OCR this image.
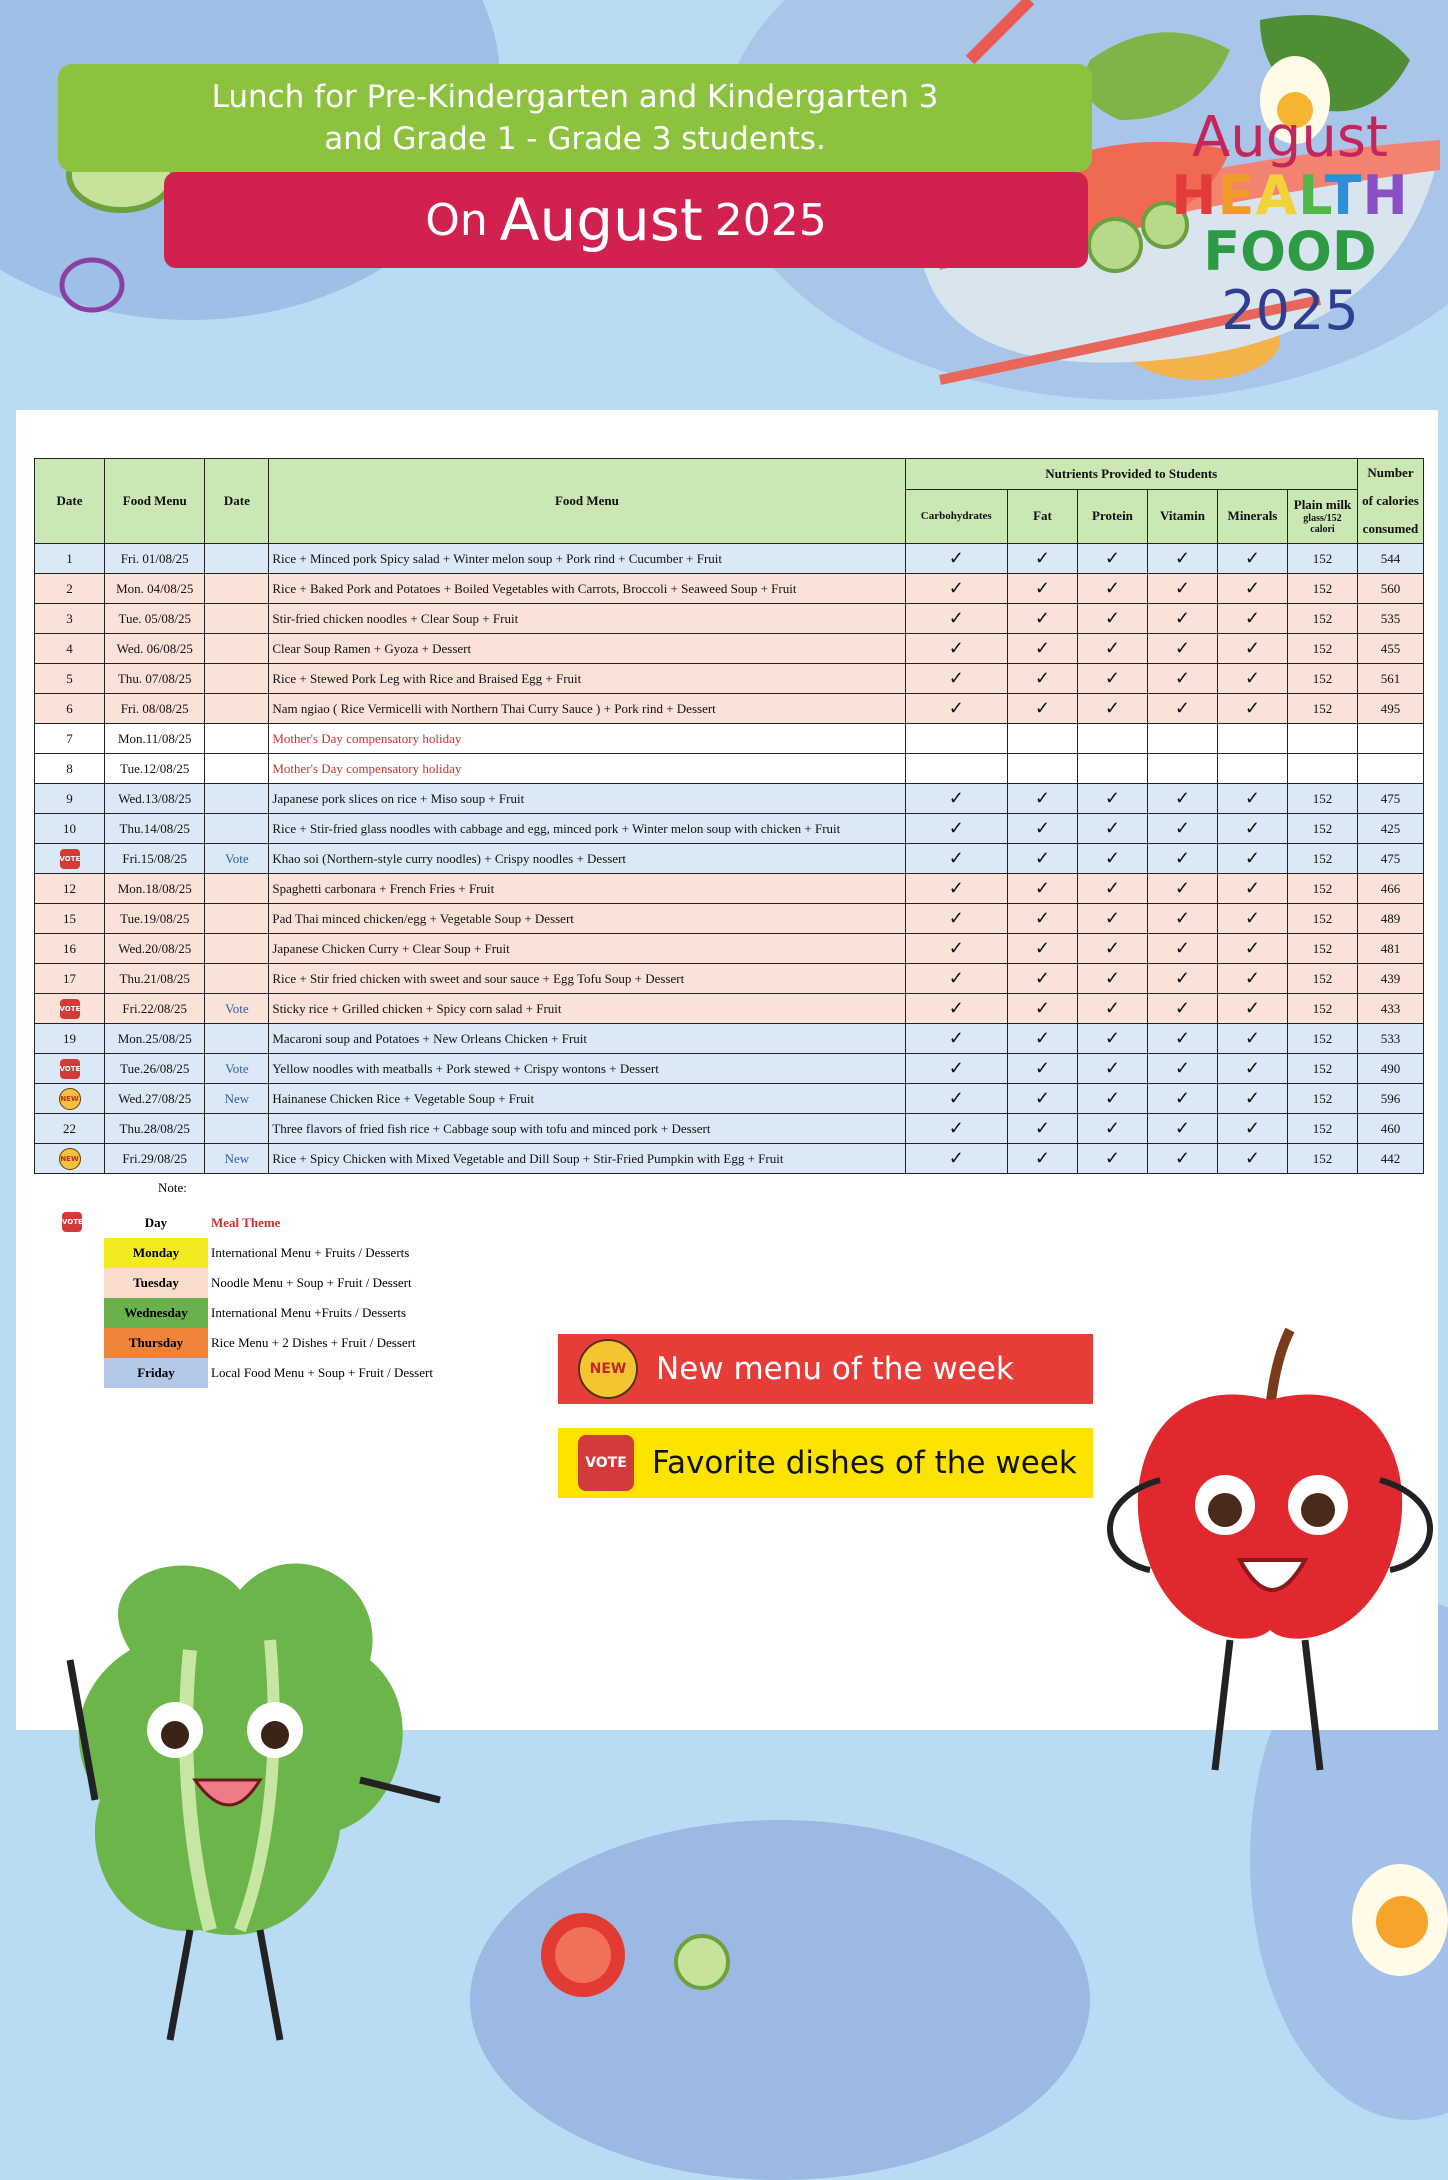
Lunch for Pre-Kindergarten and Kindergarten 3
and Grade 1 - Grade 3 students.
On August 2025
August
HEALTH
FOOD
2025
Date	Food Menu	Date	Food Menu	Nutrients Provided to Students						Number
of calories
consumed

				Carbohydrates	Fat	Protein	Vitamin	Minerals	Plain milk
glass/152 calori	

1	Fri. 01/08/25		Rice + Minced pork Spicy salad + Winter melon soup + Pork rind + Cucumber + Fruit	✓	✓	✓	✓	✓	152	544
2	Mon. 04/08/25		Rice + Baked Pork and Potatoes + Boiled Vegetables with Carrots, Broccoli + Seaweed Soup + Fruit	✓	✓	✓	✓	✓	152	560
3	Tue. 05/08/25		Stir-fried chicken noodles + Clear Soup + Fruit	✓	✓	✓	✓	✓	152	535
4	Wed. 06/08/25		Clear Soup Ramen + Gyoza + Dessert	✓	✓	✓	✓	✓	152	455
5	Thu. 07/08/25		Rice + Stewed Pork Leg with Rice and Braised Egg + Fruit	✓	✓	✓	✓	✓	152	561
6	Fri. 08/08/25		Nam ngiao ( Rice Vermicelli with Northern Thai Curry Sauce ) + Pork rind + Dessert	✓	✓	✓	✓	✓	152	495
7	Mon.11/08/25		Mother's Day compensatory holiday							
8	Tue.12/08/25		Mother's Day compensatory holiday							
9	Wed.13/08/25		Japanese pork slices on rice + Miso soup + Fruit	✓	✓	✓	✓	✓	152	475
10	Thu.14/08/25		Rice + Stir-fried glass noodles with cabbage and egg, minced pork + Winter melon soup with chicken + Fruit	✓	✓	✓	✓	✓	152	425
VOTE	Fri.15/08/25	Vote	Khao soi (Northern-style curry noodles) + Crispy noodles + Dessert	✓	✓	✓	✓	✓	152	475
12	Mon.18/08/25		Spaghetti carbonara + French Fries + Fruit	✓	✓	✓	✓	✓	152	466
15	Tue.19/08/25		Pad Thai minced chicken/egg + Vegetable Soup + Dessert	✓	✓	✓	✓	✓	152	489
16	Wed.20/08/25		Japanese Chicken Curry + Clear Soup + Fruit	✓	✓	✓	✓	✓	152	481
17	Thu.21/08/25		Rice + Stir fried chicken with sweet and sour sauce + Egg Tofu Soup + Dessert	✓	✓	✓	✓	✓	152	439
VOTE	Fri.22/08/25	Vote	Sticky rice + Grilled chicken + Spicy corn salad + Fruit	✓	✓	✓	✓	✓	152	433
19	Mon.25/08/25		Macaroni soup and Potatoes + New Orleans Chicken + Fruit	✓	✓	✓	✓	✓	152	533
VOTE	Tue.26/08/25	Vote	Yellow noodles with meatballs + Pork stewed + Crispy wontons + Dessert	✓	✓	✓	✓	✓	152	490
NEW	Wed.27/08/25	New	Hainanese Chicken Rice + Vegetable Soup + Fruit	✓	✓	✓	✓	✓	152	596
22	Thu.28/08/25		Three flavors of fried fish rice + Cabbage soup with tofu and minced pork + Dessert	✓	✓	✓	✓	✓	152	460
NEW	Fri.29/08/25	New	Rice + Spicy Chicken with Mixed Vegetable and Dill Soup + Stir-Fried Pumpkin with Egg + Fruit	✓	✓	✓	✓	✓	152	442
Note:
VOTE	Day	Meal Theme
Monday	International Menu + Fruits / Desserts
Tuesday	Noodle Menu + Soup + Fruit / Dessert
Wednesday	International Menu +Fruits / Desserts
Thursday	Rice Menu + 2 Dishes + Fruit / Dessert
Friday	Local Food Menu + Soup + Fruit / Dessert	NEW New menu of the week
VOTE Favorite dishes of the week
